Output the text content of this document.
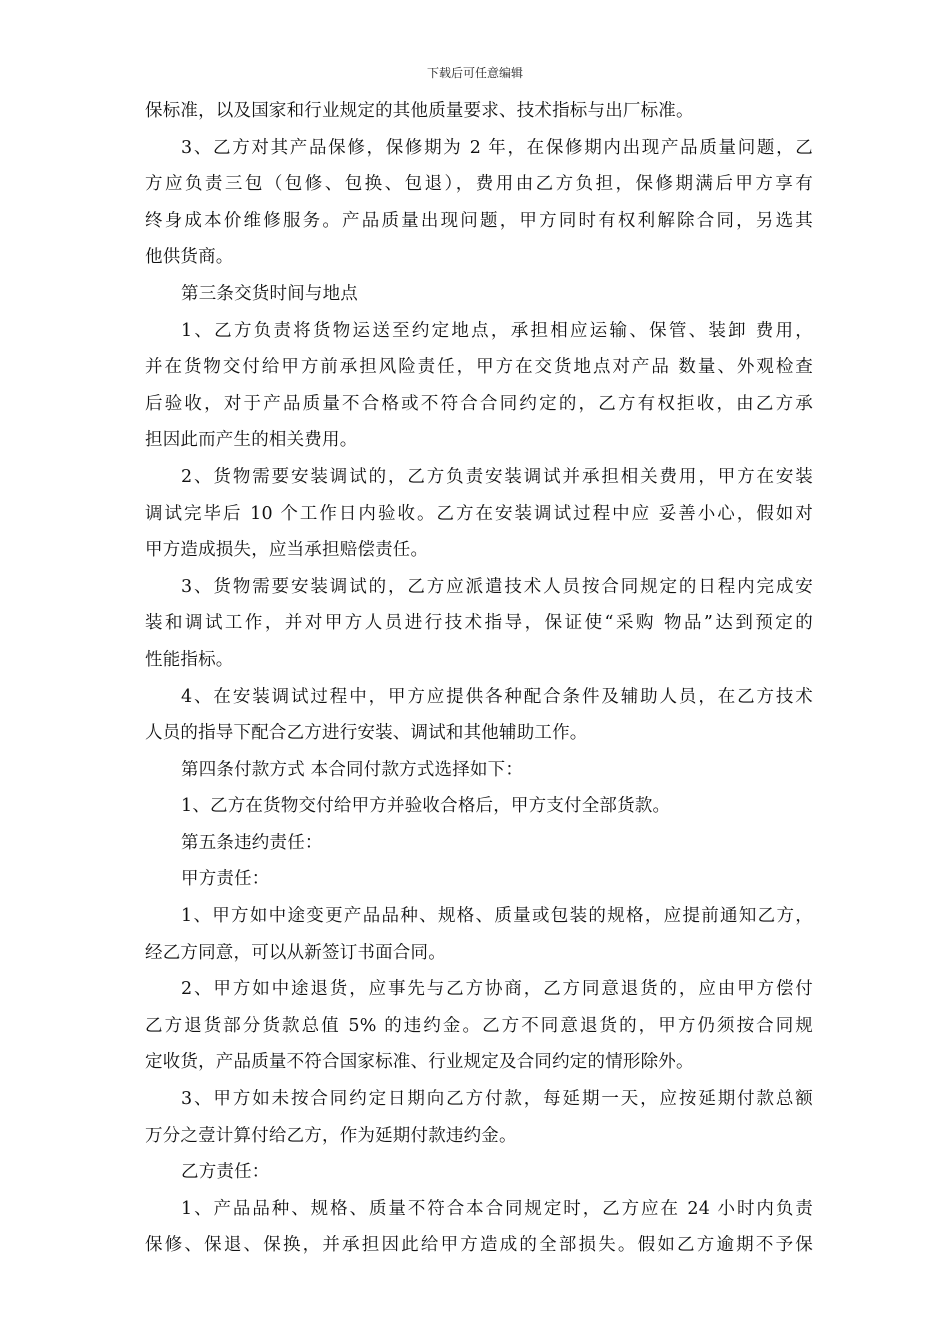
下载后可任意编辑
保标准，以及国家和行业规定的其他质量要求、技术指标与出厂标准。
3、乙方对其产品保修，保修期为 2 年，在保修期内出现产品质量问题，乙
方应负责三包（包修、包换、包退），费用由乙方负担，保修期满后甲方享有
终身成本价维修服务。产品质量出现问题，甲方同时有权利解除合同，另选其
他供货商。
第三条交货时间与地点
1、乙方负责将货物运送至约定地点，承担相应运输、保管、装卸 费用，
并在货物交付给甲方前承担风险责任，甲方在交货地点对产品 数量、外观检查
后验收，对于产品质量不合格或不符合合同约定的，乙方有权拒收，由乙方承
担因此而产生的相关费用。
2、货物需要安装调试的，乙方负责安装调试并承担相关费用，甲方在安装
调试完毕后 10 个工作日内验收。乙方在安装调试过程中应 妥善小心，假如对
甲方造成损失，应当承担赔偿责任。
3、货物需要安装调试的，乙方应派遣技术人员按合同规定的日程内完成安
装和调试工作，并对甲方人员进行技术指导，保证使“采购 物品”达到预定的
性能指标。
4、在安装调试过程中，甲方应提供各种配合条件及辅助人员，在乙方技术
人员的指导下配合乙方进行安装、调试和其他辅助工作。
第四条付款方式 本合同付款方式选择如下：
1、乙方在货物交付给甲方并验收合格后，甲方支付全部货款。
第五条违约责任：
甲方责任：
1、甲方如中途变更产品品种、规格、质量或包装的规格，应提前通知乙方，
经乙方同意，可以从新签订书面合同。
2、甲方如中途退货，应事先与乙方协商，乙方同意退货的，应由甲方偿付
乙方退货部分货款总值 5% 的违约金。乙方不同意退货的，甲方仍须按合同规
定收货，产品质量不符合国家标准、行业规定及合同约定的情形除外。
3、甲方如未按合同约定日期向乙方付款，每延期一天，应按延期付款总额
万分之壹计算付给乙方，作为延期付款违约金。
乙方责任：
1、产品品种、规格、质量不符合本合同规定时，乙方应在 24 小时内负责
保修、保退、保换，并承担因此给甲方造成的全部损失。假如乙方逾期不予保
